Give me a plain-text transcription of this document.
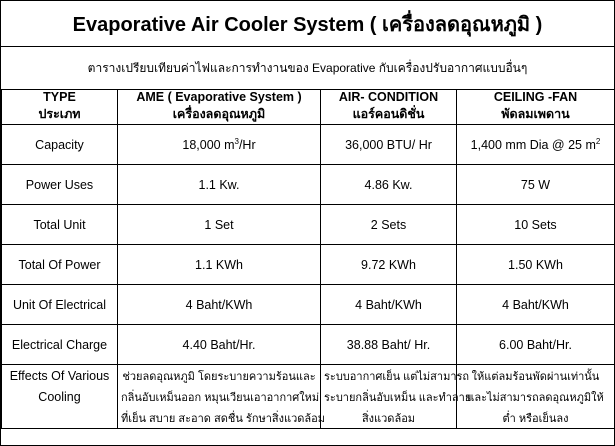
Evaporative Air Cooler System ( เครื่องลดอุณหภูมิ )
ตารางเปรียบเทียบค่าไฟและการทำงานของ Evaporative กับเครื่องปรับอากาศแบบอื่นๆ
TYPE	AME ( Evaporative System )	AIR- CONDITION	CEILING -FAN
ประเภท	เครื่องลดอุณหภูมิ	แอร์คอนดิชั่น	พัดลมเพดาน
Capacity	18,000 $m^3/Hr$	36,000 BTU/ Hr	1,400 mm Dia @ 25 $m^2$
Power Uses	1.1 Kw.	4.86 Kw.	75 W
Total Unit	1 Set	2 Sets	10 Sets
Total Of Power	1.1 KWh	9.72 KWh	1.50 KWh
Unit Of Electrical	4 Baht/KWh	4 Baht/KWh	4 Baht/KWh
Electrical Charge	4.40 Baht/Hr.	38.88 Baht/ Hr.	6.00 Baht/Hr.
Effects Of Various	ช่วยลดอุณหภูมิ โดยระบายความร้อนและ	ระบบอากาศเย็น แต่ไม่สามารถ	ให้แต่ลมร้อนพัดผ่านเท่านั้น
Cooling	กลิ่นอับเหม็นออก หมุนเวียนเอาอากาศใหม่	ระบายกลิ่นอับเหม็น และทำลาย	และไม่สามารถลดอุณหภูมิให้
	ที่เย็น สบาย สะอาด สดชื่น รักษาสิ่งแวดล้อม	สิ่งแวดล้อม	ต่ำ หรือเย็นลง
